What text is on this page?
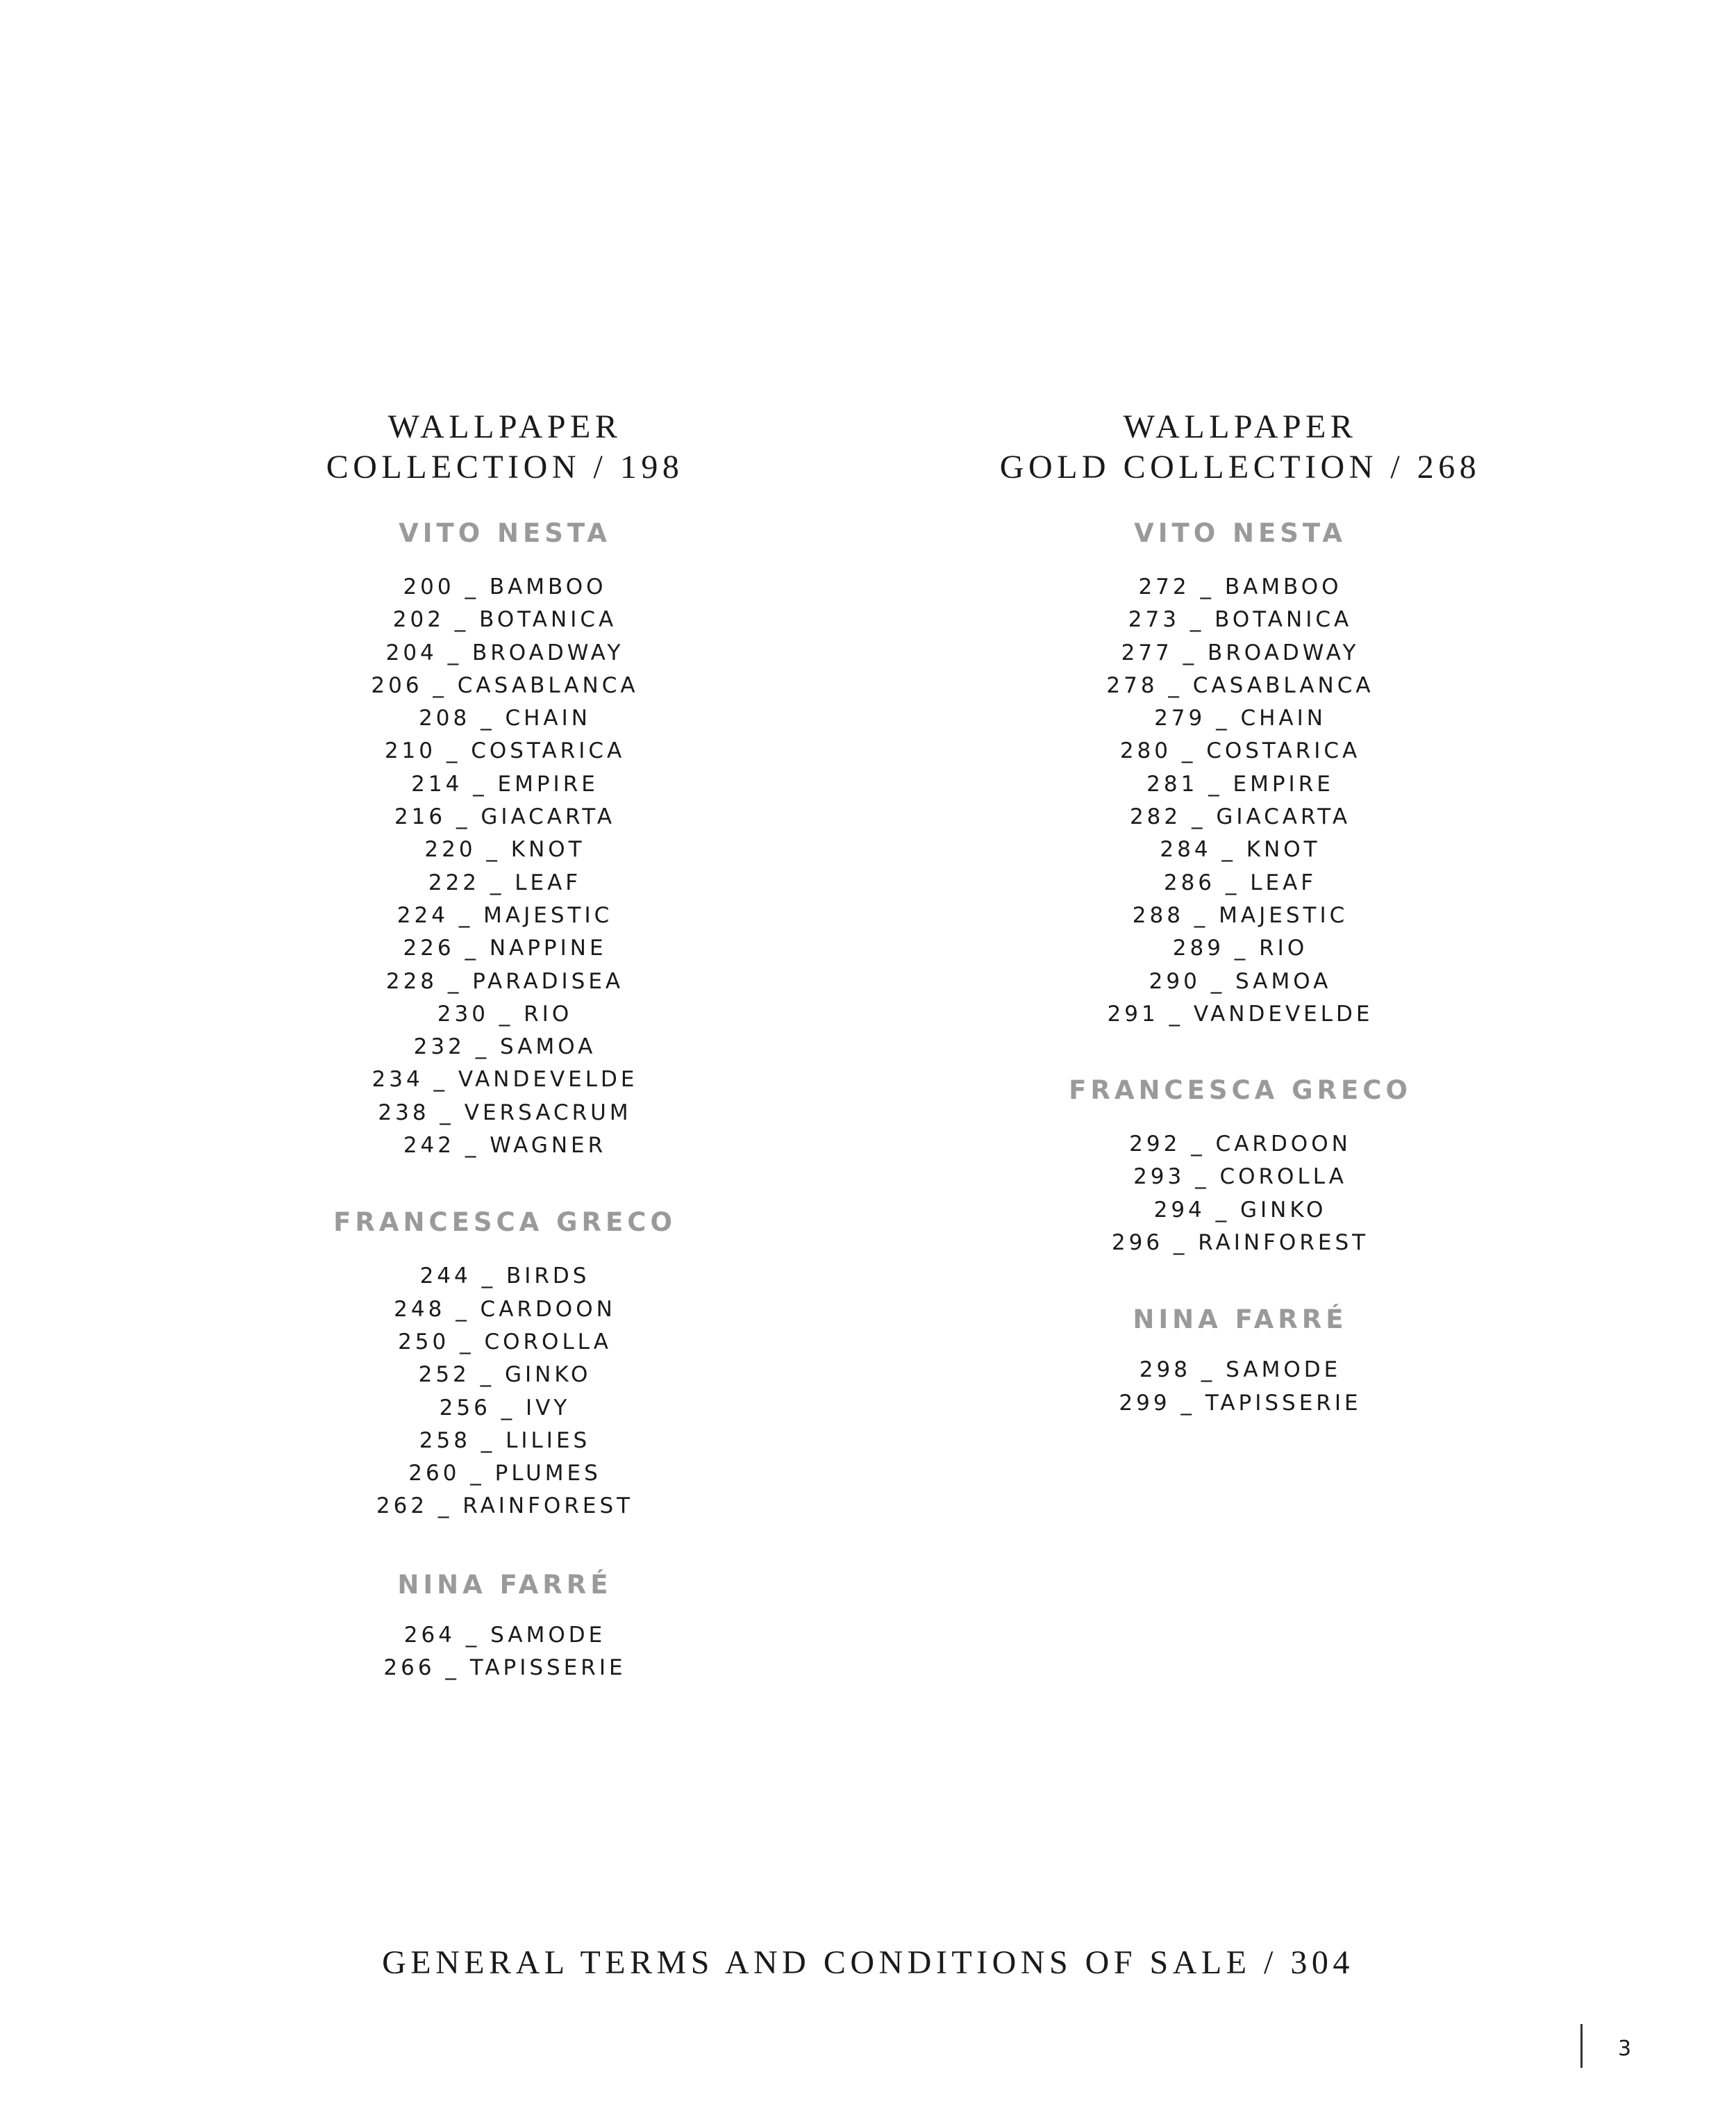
WALLPAPER
COLLECTION / 198
VITO NESTA
200 _ BAMBOO
202 _ BOTANICA
204 _ BROADWAY
206 _ CASABLANCA
208 _ CHAIN
210 _ COSTARICA
214 _ EMPIRE
216 _ GIACARTA
220 _ KNOT
222 _ LEAF
224 _ MAJESTIC
226 _ NAPPINE
228 _ PARADISEA
230 _ RIO
232 _ SAMOA
234 _ VANDEVELDE
238 _ VERSACRUM
242 _ WAGNER
FRANCESCA GRECO
244 _ BIRDS
248 _ CARDOON
250 _ COROLLA
252 _ GINKO
256 _ IVY
258 _ LILIES
260 _ PLUMES
262 _ RAINFOREST
NINA FARRÉ
264 _ SAMODE
266 _ TAPISSERIE
WALLPAPER
GOLD COLLECTION / 268
VITO NESTA
272 _ BAMBOO
273 _ BOTANICA
277 _ BROADWAY
278 _ CASABLANCA
279 _ CHAIN
280 _ COSTARICA
281 _ EMPIRE
282 _ GIACARTA
284 _ KNOT
286 _ LEAF
288 _ MAJESTIC
289 _ RIO
290 _ SAMOA
291 _ VANDEVELDE
FRANCESCA GRECO
292 _ CARDOON
293 _ COROLLA
294 _ GINKO
296 _ RAINFOREST
NINA FARRÉ
298 _ SAMODE
299 _ TAPISSERIE
GENERAL TERMS AND CONDITIONS OF SALE / 304
3
